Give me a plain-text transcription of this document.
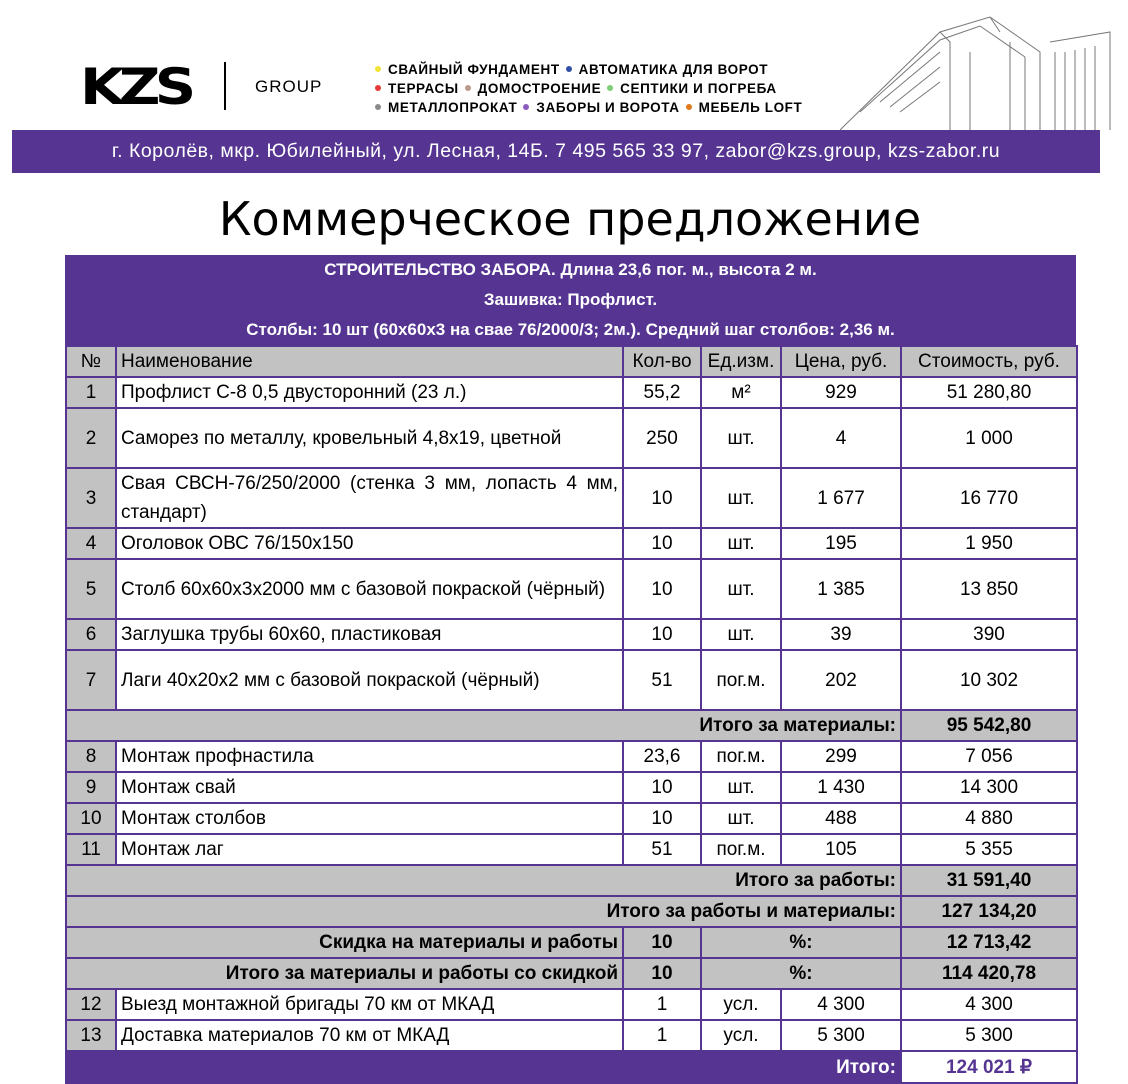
KZS	GROUP
СВАЙНЫЙ ФУНДАМЕНТ АВТОМАТИКА ДЛЯ ВОРОТ
ТЕРРАСЫ ДОМОСТРОЕНИЕ СЕПТИКИ И ПОГРЕБА
МЕТАЛЛОПРОКАТ ЗАБОРЫ И ВОРОТА МЕБЕЛЬ LOFT
г. Королёв, мкр. Юбилейный, ул. Лесная, 14Б. 7 495 565 33 97, zabor@kzs.group, kzs-zabor.ru
Коммерческое предложение
СТРОИТЕЛЬСТВО ЗАБОРА. Длина 23,6 пог. м., высота 2 м.
Зашивка: Профлист.
Столбы: 10 шт (60х60х3 на свае 76/2000/3; 2м.). Средний шаг столбов: 2,36 м.
№	Наименование	Кол-во	Ед.изм.	Цена, руб.	Стоимость, руб.
1	Профлист С-8 0,5 двусторонний (23 л.)	55,2	м²	929	51 280,80
2	Саморез по металлу, кровельный 4,8х19, цветной	250	шт.	4	1 000
3	Свая СВСН-76/250/2000 (стенка 3 мм, лопасть 4 мм, стандарт)	10	шт.	1 677	16 770
4	Оголовок ОВС 76/150х150	10	шт.	195	1 950
5	Столб 60х60х3х2000 мм с базовой покраской (чёрный)	10	шт.	1 385	13 850
6	Заглушка трубы 60х60, пластиковая	10	шт.	39	390
7	Лаги 40х20х2 мм с базовой покраской (чёрный)	51	пог.м.	202	10 302
Итого за материалы:					95 542,80
8	Монтаж профнастила	23,6	пог.м.	299	7 056
9	Монтаж свай	10	шт.	1 430	14 300
10	Монтаж столбов	10	шт.	488	4 880
11	Монтаж лаг	51	пог.м.	105	5 355
Итого за работы:					31 591,40
Итого за работы и материалы:					127 134,20
Скидка на материалы и работы		10	%:		12 713,42
Итого за материалы и работы со скидкой		10	%:		114 420,78
12	Выезд монтажной бригады 70 км от МКАД	1	усл.	4 300	4 300
13	Доставка материалов 70 км от МКАД	1	усл.	5 300	5 300
Итого:					124 021 ₽
